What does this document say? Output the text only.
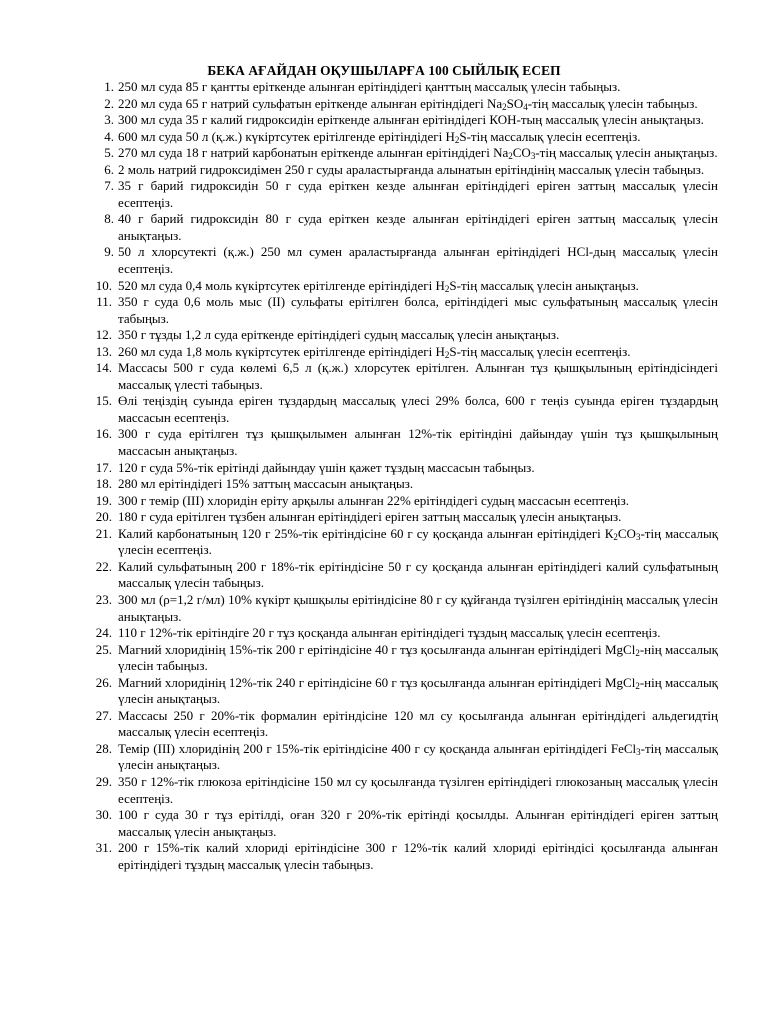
БЕКА АҒАЙДАН ОҚУШЫЛАРҒА 100 СЫЙЛЫҚ ЕСЕП
1. 250 мл суда 85 г қантты еріткенде алынған ерітіндідегі қанттың массалық үлесін табыңыз.
2. 220 мл суда 65 г натрий сульфатын еріткенде алынған ерітіндідегі $Na_2SO_4$-тің массалық үлесін табыңыз.
3. 300 мл суда 35 г калий гидроксидін еріткенде алынған ерітіндідегі КОН-тың массалық үлесін анықтаңыз.
4. 600 мл суда 50 л (қ.ж.) күкіртсутек ерітілгенде ерітіндідегі $Н_2S$-тің массалық үлесін есептеңіз.
5. 270 мл суда 18 г натрий карбонатын еріткенде алынған ерітіндідегі $Na_2CO_3$-тің массалық үлесін анықтаңыз.
6. 2 моль натрий гидроксидімен 250 г суды араластырғанда алынатын ерітіндінің массалық үлесін табыңыз.
7. 35 г барий гидроксидін 50 г суда еріткен кезде алынған ерітіндідегі еріген заттың массалық үлесін есептеңіз.
8. 40 г барий гидроксидін 80 г суда еріткен кезде алынған ерітіндідегі еріген заттың массалық үлесін анықтаңыз.
9. 50 л хлорсутекті (қ.ж.) 250 мл сумен араластырғанда алынған ерітіндідегі НCl-дың массалық үлесін есептеңіз.
10. 520 мл суда 0,4 моль күкіртсутек ерітілгенде ерітіндідегі $Н_2S$-тің массалық үлесін анықтаңыз.
11. 350 г суда 0,6 моль мыс (ІІ) сульфаты ерітілген болса, ерітіндідегі мыс сульфатының массалық үлесін табыңыз.
12. 350 г тұзды 1,2 л суда еріткенде ерітіндідегі судың массалық үлесін анықтаңыз.
13. 260 мл суда 1,8 моль күкіртсутек ерітілгенде ерітіндідегі $Н_2S$-тің массалық үлесін есептеңіз.
14. Массасы 500 г суда көлемі 6,5 л (қ.ж.) хлорсутек ерітілген. Алынған тұз қышқылының ерітіндісіндегі массалық үлесті табыңыз.
15. Өлі теңіздің суында еріген тұздардың массалық үлесі 29% болса, 600 г теңіз суында еріген тұздардың массасын есептеңіз.
16. 300 г суда ерітілген тұз қышқылымен алынған 12%-тік ерітіндіні дайындау үшін тұз қышқылының массасын анықтаңыз.
17. 120 г суда 5%-тік ерітінді дайындау үшін қажет тұздың массасын табыңыз.
18. 280 мл ерітіндідегі 15% заттың массасын анықтаңыз.
19. 300 г темір (ІІІ) хлоридін еріту арқылы алынған 22% ерітіндідегі судың массасын есептеңіз.
20. 180 г суда ерітілген тұзбен алынған ерітіндідегі еріген заттың массалық үлесін анықтаңыз.
21. Калий карбонатының 120 г 25%-тік ерітіндісіне 60 г су қосқанда алынған ерітіндідегі $К_2СО_3$-тің массалық үлесін есептеңіз.
22. Калий сульфатының 200 г 18%-тік ерітіндісіне 50 г су қосқанда алынған ерітіндідегі калий сульфатының массалық үлесін табыңыз.
23. 300 мл (ρ=1,2 г/мл) 10% күкірт қышқылы ерітіндісіне 80 г су құйғанда түзілген ерітіндінің массалық үлесін анықтаңыз.
24. 110 г 12%-тік ерітіндіге 20 г тұз қосқанда алынған ерітіндідегі тұздың массалық үлесін есептеңіз.
25. Магний хлоридінің 15%-тік 200 г ерітіндісіне 40 г тұз қосылғанда алынған ерітіндідегі MgCl$_2$-нің массалық үлесін табыңыз.
26. Магний хлоридінің 12%-тік 240 г ерітіндісіне 60 г тұз қосылғанда алынған ерітіндідегі MgCl$_2$-нің массалық үлесін анықтаңыз.
27. Массасы 250 г 20%-тік формалин ерітіндісіне 120 мл су қосылғанда алынған ерітіндідегі альдегидтің массалық үлесін есептеңіз.
28. Темір (ІІІ) хлоридінің 200 г 15%-тік ерітіндісіне 400 г су қосқанда алынған ерітіндідегі FeCl$_3$-тің массалық үлесін анықтаңыз.
29. 350 г 12%-тік глюкоза ерітіндісіне 150 мл су қосылғанда түзілген ерітіндідегі глюкозаның массалық үлесін есептеңіз.
30. 100 г суда 30 г тұз ерітілді, оған 320 г 20%-тік ерітінді қосылды. Алынған ерітіндідегі еріген заттың массалық үлесін анықтаңыз.
31. 200 г 15%-тік калий хлориді ерітіндісіне 300 г 12%-тік калий хлориді ерітіндісі қосылғанда алынған ерітіндідегі тұздың массалық үлесін табыңыз.
